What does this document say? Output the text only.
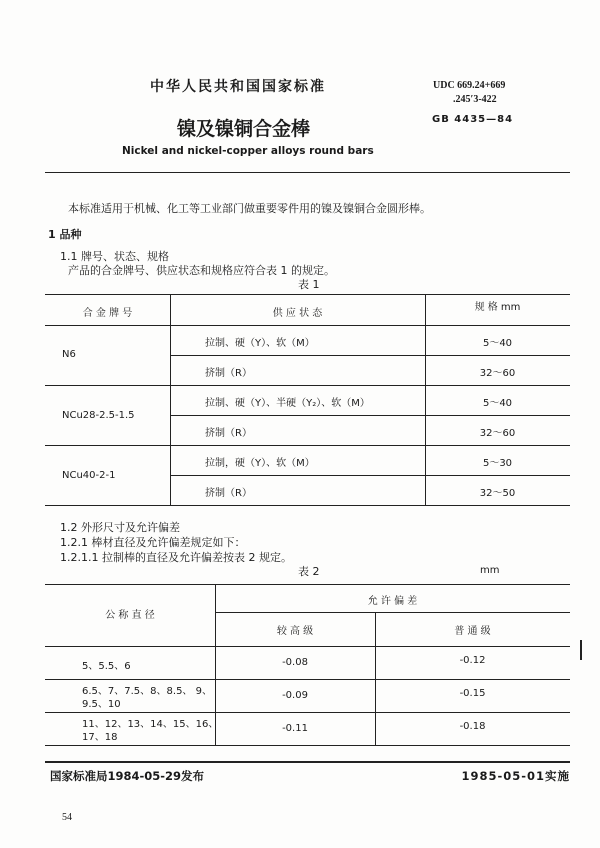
中华人民共和国国家标准	UDC 669.24+669
.245′3-422
镍及镍铜合金棒	GB 4435—84
Nickel and nickel-copper alloys round bars
本标准适用于机械、化工等工业部门做重要零件用的镍及镍铜合金圆形棒。
1 品种
1.1 牌号、状态、规格
产品的合金牌号、供应状态和规格应符合表 1 的规定。
表 1
合 金 牌 号	供 应 状 态
规 格 mm
N6
拉制、硬（Y）、软（M）	5～40
挤制（R）	32～60
NCu28-2.5-1.5
拉制、硬（Y）、半硬（Y₂）、软（M）	5～40
挤制（R）	32～60
NCu40-2-1
拉制，硬（Y）、软（M）	5～30
挤制（R）	32～50
1.2 外形尺寸及允许偏差
1.2.1 棒材直径及允许偏差规定如下：
1.2.1.1 拉制棒的直径及允许偏差按表 2 规定。
表 2	mm
公 称 直 径
允 许 偏 差
较 高 级	普 通 级
5、5.5、6	-0.08	-0.12
6.5、7、7.5、8、8.5、 9、
9.5、10
-0.09	-0.15
11、12、13、14、15、16、
17、18
-0.11	-0.18
国家标准局1984-05-29发布	1985-05-01实施
54
